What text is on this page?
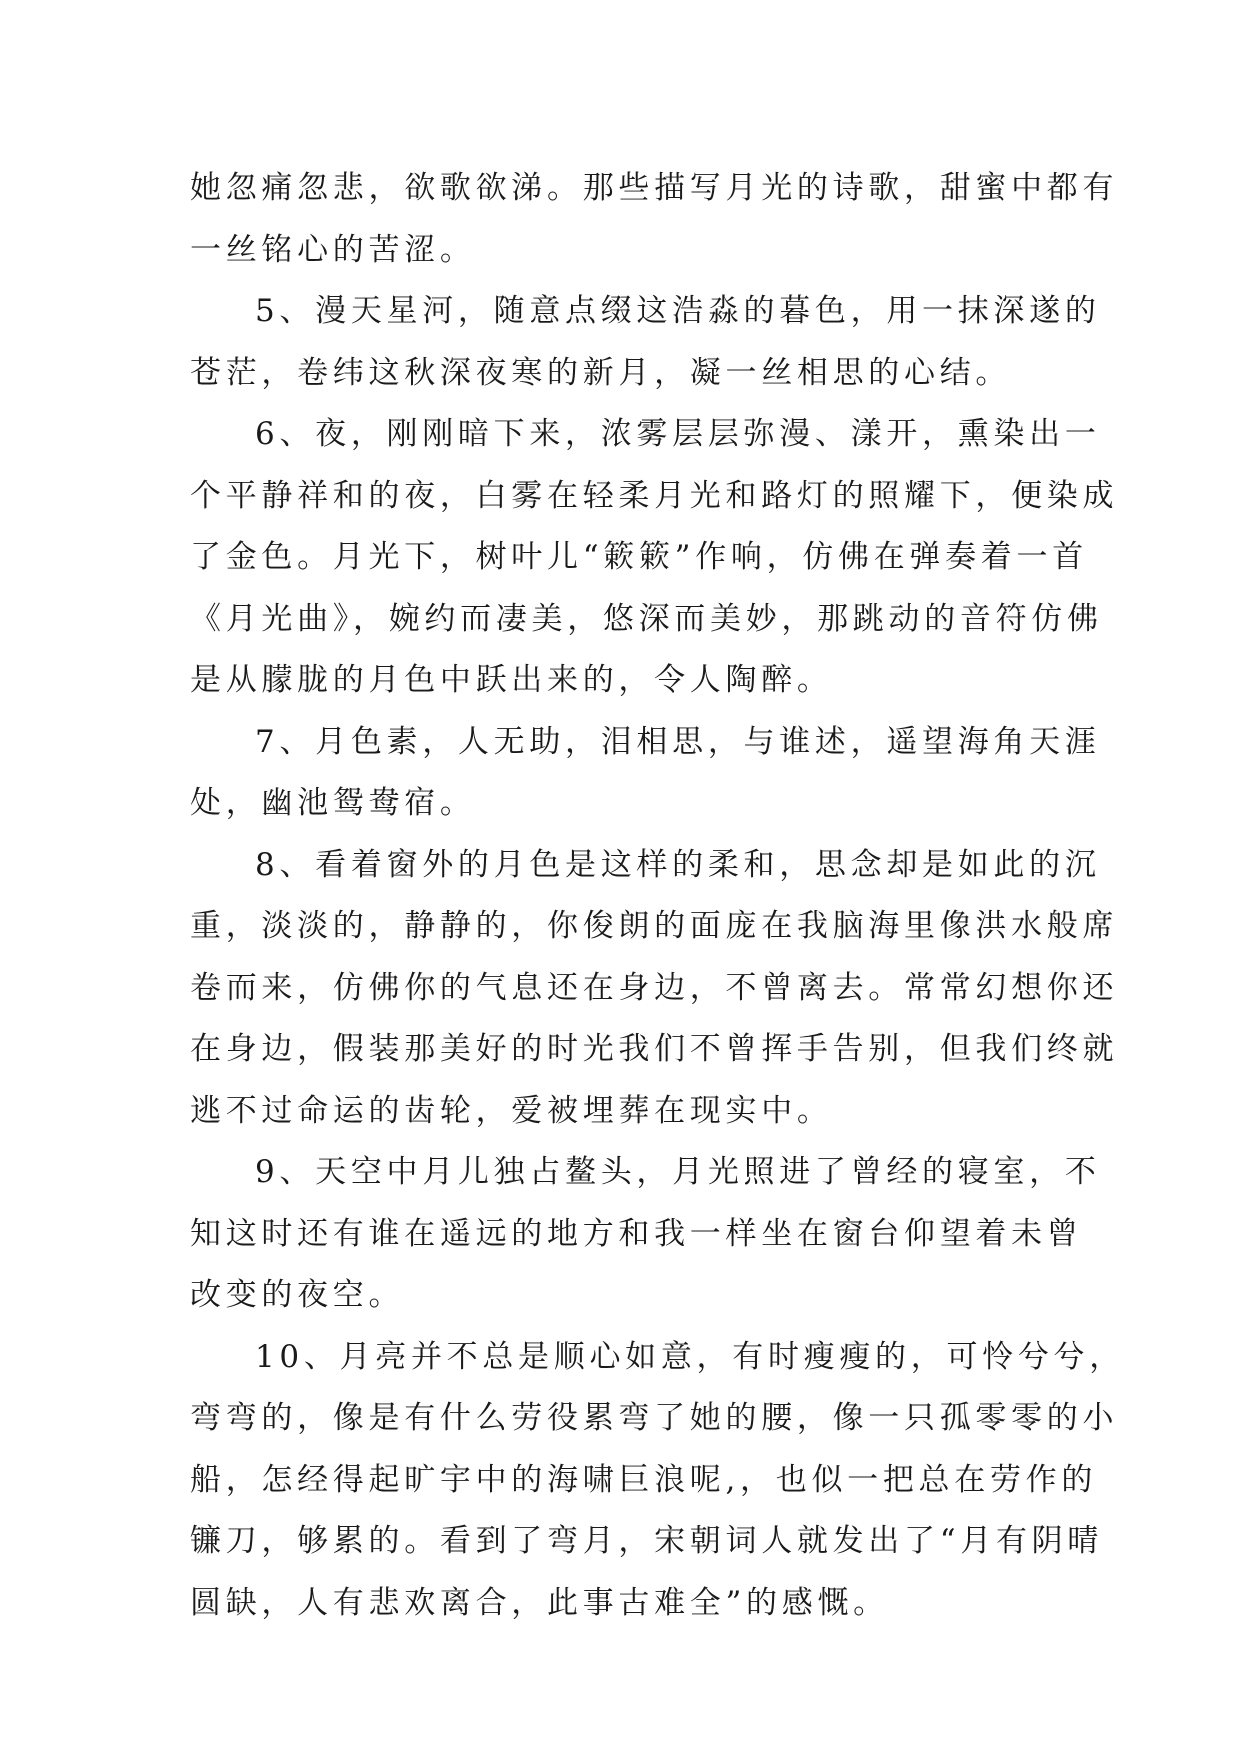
她忽痛忽悲，欲歌欲涕。那些描写月光的诗歌，甜蜜中都有
一丝铭心的苦涩。
5、漫天星河，随意点缀这浩淼的暮色，用一抹深遂的
苍茫，卷纬这秋深夜寒的新月，凝一丝相思的心结。
6、夜，刚刚暗下来，浓雾层层弥漫、漾开，熏染出一
个平静祥和的夜，白雾在轻柔月光和路灯的照耀下，便染成
了金色。月光下，树叶儿“簌簌”作响，仿佛在弹奏着一首
《月光曲》，婉约而凄美，悠深而美妙，那跳动的音符仿佛
是从朦胧的月色中跃出来的，令人陶醉。
7、月色素，人无助，泪相思，与谁述，遥望海角天涯
处，幽池鸳鸯宿。
8、看着窗外的月色是这样的柔和，思念却是如此的沉
重，淡淡的，静静的，你俊朗的面庞在我脑海里像洪水般席
卷而来，仿佛你的气息还在身边，不曾离去。常常幻想你还
在身边，假装那美好的时光我们不曾挥手告别，但我们终就
逃不过命运的齿轮，爱被埋葬在现实中。
9、天空中月儿独占鳌头，月光照进了曾经的寝室，不
知这时还有谁在遥远的地方和我一样坐在窗台仰望着未曾
改变的夜空。
10、月亮并不总是顺心如意，有时瘦瘦的，可怜兮兮，
弯弯的，像是有什么劳役累弯了她的腰，像一只孤零零的小
船，怎经得起旷宇中的海啸巨浪呢,，也似一把总在劳作的
镰刀，够累的。看到了弯月，宋朝词人就发出了“月有阴晴
圆缺，人有悲欢离合，此事古难全”的感慨。
